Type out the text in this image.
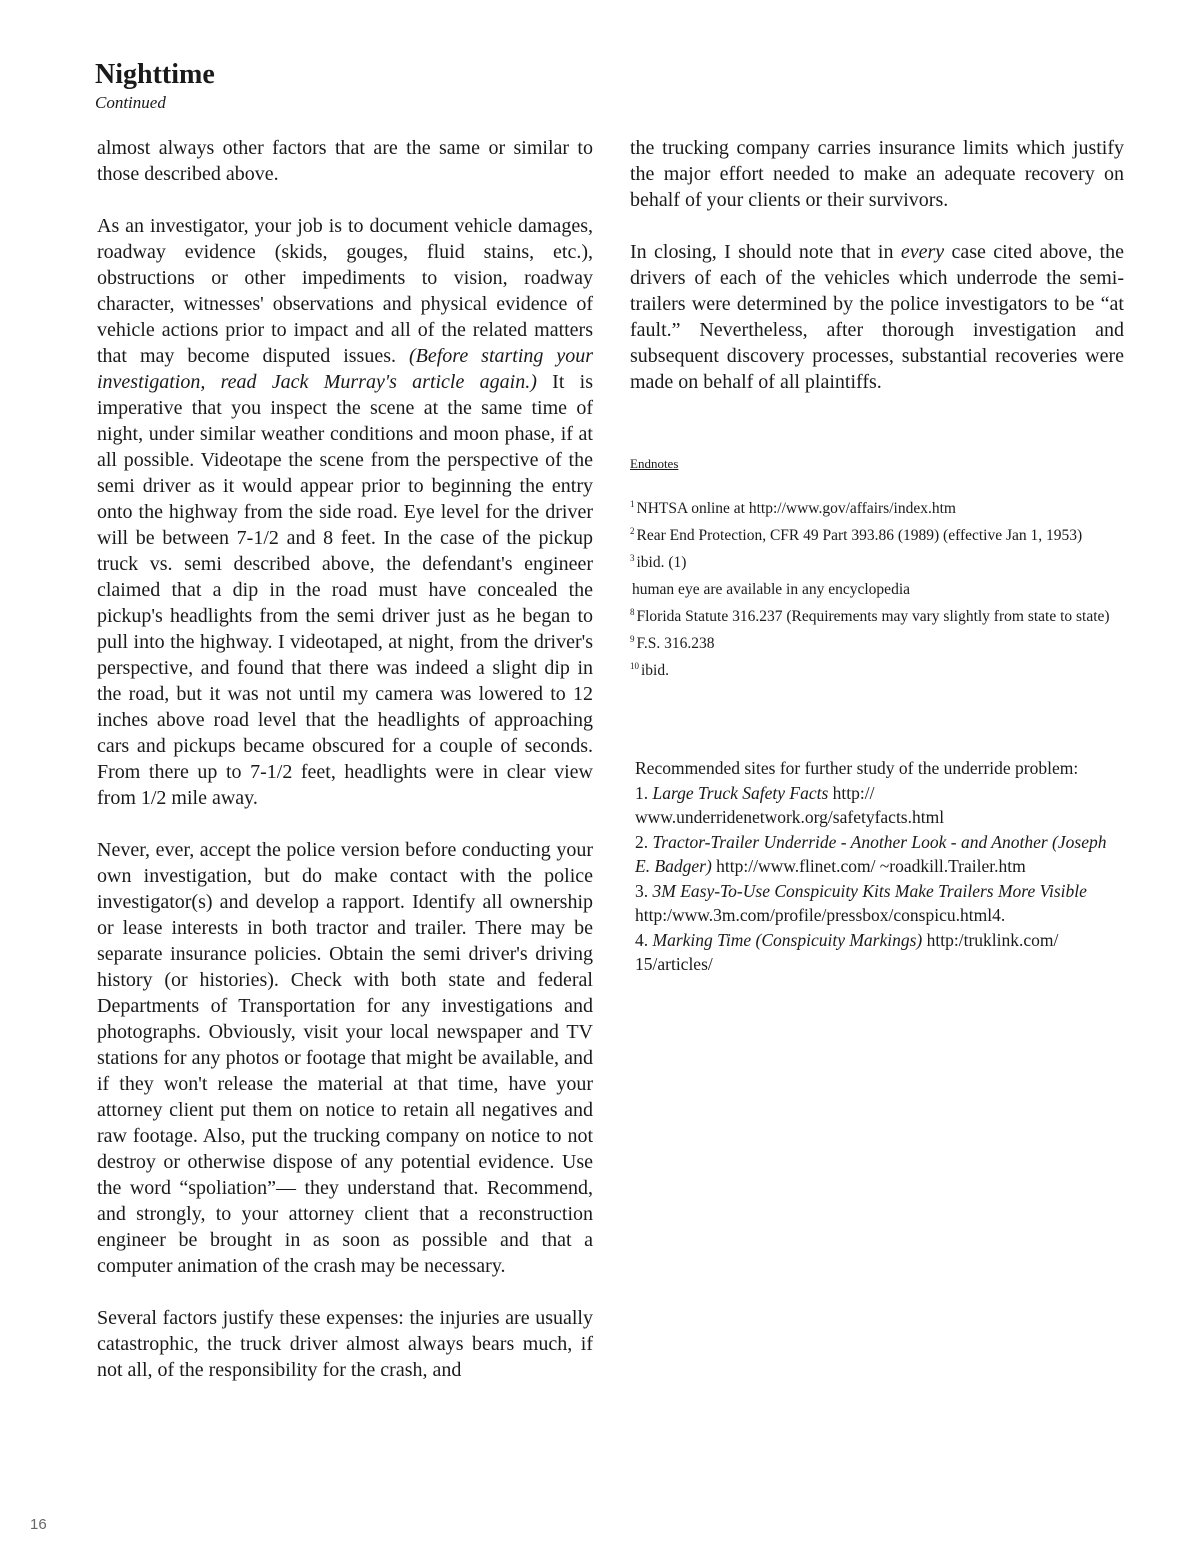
Nighttime
Continued

almost always other factors that are the same or similar to those described above.

As an investigator, your job is to document vehicle damages, roadway evidence (skids, gouges, fluid stains, etc.), obstructions or other impediments to vision, roadway character, witnesses' observations and physical evidence of vehicle actions prior to impact and all of the related matters that may become disputed issues. (Before starting your investigation, read Jack Murray's article again.) It is imperative that you inspect the scene at the same time of night, under similar weather conditions and moon phase, if at all possible. Videotape the scene from the perspective of the semi driver as it would appear prior to beginning the entry onto the highway from the side road. Eye level for the driver will be between 7-1/2 and 8 feet. In the case of the pickup truck vs. semi described above, the defendant's engineer claimed that a dip in the road must have concealed the pickup's headlights from the semi driver just as he began to pull into the highway. I videotaped, at night, from the driver's perspective, and found that there was indeed a slight dip in the road, but it was not until my camera was lowered to 12 inches above road level that the headlights of approaching cars and pickups became obscured for a couple of seconds. From there up to 7-1/2 feet, headlights were in clear view from 1/2 mile away.

Never, ever, accept the police version before conducting your own investigation, but do make contact with the police investigator(s) and develop a rapport. Identify all ownership or lease interests in both tractor and trailer. There may be separate insurance policies. Obtain the semi driver's driving history (or histories). Check with both state and federal Departments of Transportation for any investigations and photographs. Obviously, visit your local newspaper and TV stations for any photos or footage that might be available, and if they won't release the material at that time, have your attorney client put them on notice to retain all negatives and raw footage. Also, put the trucking company on notice to not destroy or otherwise dispose of any potential evidence. Use the word “spoliation”— they understand that. Recommend, and strongly, to your attorney client that a reconstruction engineer be brought in as soon as possible and that a computer animation of the crash may be necessary.

Several factors justify these expenses: the injuries are usually catastrophic, the truck driver almost always bears much, if not all, of the responsibility for the crash, and

the trucking company carries insurance limits which justify the major effort needed to make an adequate recovery on behalf of your clients or their survivors.

In closing, I should note that in every case cited above, the drivers of each of the vehicles which underrode the semi-trailers were determined by the police investigators to be “at fault.” Nevertheless, after thorough investigation and subsequent discovery processes, substantial recoveries were made on behalf of all plaintiffs.

Endnotes
$^1$ NHTSA online at http://www.gov/affairs/index.htm
$^2$ Rear End Protection, CFR 49 Part 393.86 (1989) (effective Jan 1, 1953)
$^3$ ibid. (1)
human eye are available in any encyclopedia
$^8$ Florida Statute 316.237 (Requirements may vary slightly from state to state)
$^9$ F.S. 316.238
$^{10}$ ibid.
Recommended sites for further study of the underride problem:
1. Large Truck Safety Facts http:// www.underridenetwork.org/safetyfacts.html
2. Tractor-Trailer Underride - Another Look - and Another (Joseph E. Badger) http://www.flinet.com/ ~roadkill.Trailer.htm
3. 3M Easy-To-Use Conspicuity Kits Make Trailers More Visible http:/www.3m.com/profile/pressbox/conspicu.html4.
4. Marking Time (Conspicuity Markings) http:/truklink.com/ 15/articles/
16
